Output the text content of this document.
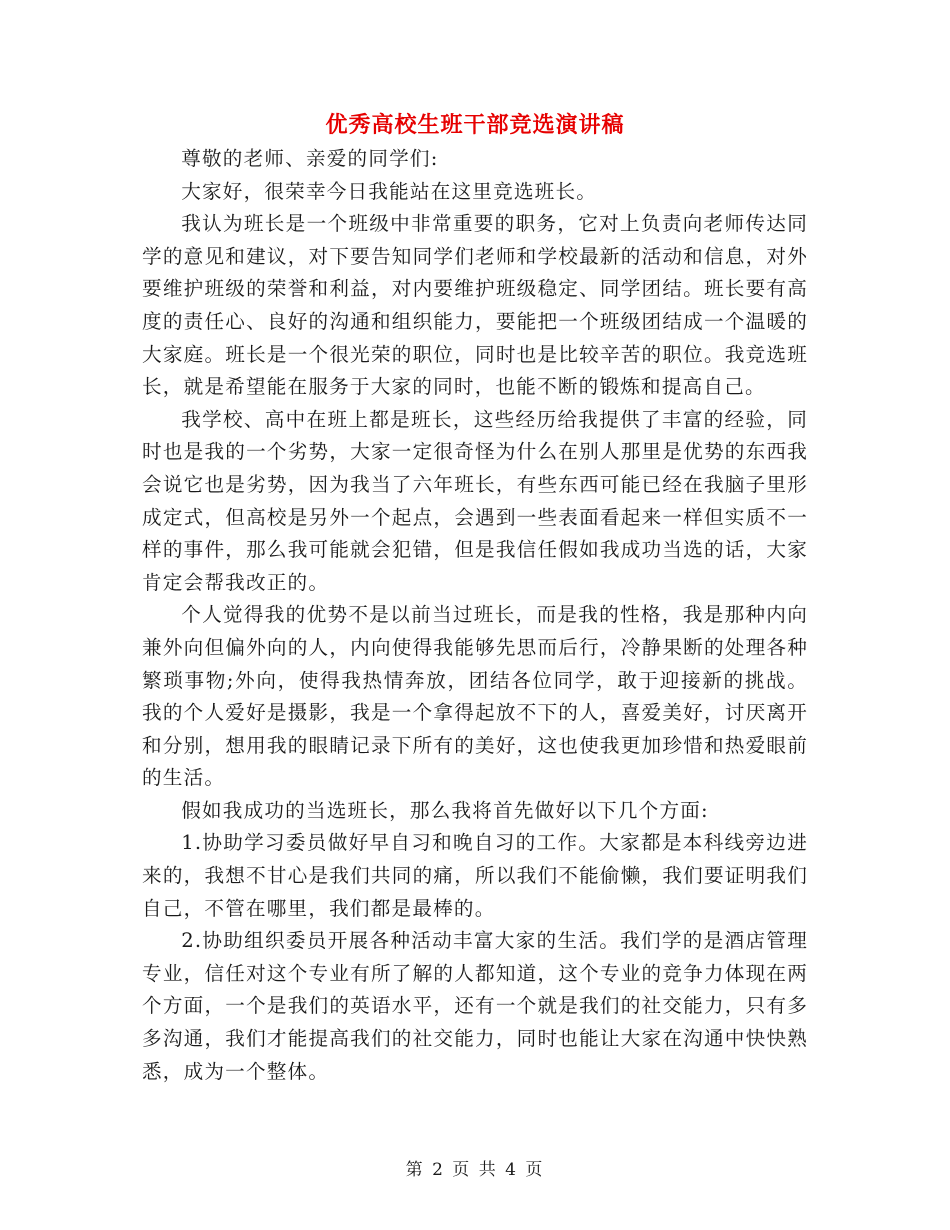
优秀高校生班干部竞选演讲稿

尊敬的老师、亲爱的同学们:

大家好，很荣幸今日我能站在这里竞选班长。

我认为班长是一个班级中非常重要的职务，它对上负责向老师传达同学的意见和建议，对下要告知同学们老师和学校最新的活动和信息，对外要维护班级的荣誉和利益，对内要维护班级稳定、同学团结。班长要有高度的责任心、良好的沟通和组织能力，要能把一个班级团结成一个温暖的大家庭。班长是一个很光荣的职位，同时也是比较辛苦的职位。我竞选班长，就是希望能在服务于大家的同时，也能不断的锻炼和提高自己。

我学校、高中在班上都是班长，这些经历给我提供了丰富的经验，同时也是我的一个劣势，大家一定很奇怪为什么在别人那里是优势的东西我会说它也是劣势，因为我当了六年班长，有些东西可能已经在我脑子里形成定式，但高校是另外一个起点，会遇到一些表面看起来一样但实质不一样的事件，那么我可能就会犯错，但是我信任假如我成功当选的话，大家肯定会帮我改正的。

个人觉得我的优势不是以前当过班长，而是我的性格，我是那种内向兼外向但偏外向的人，内向使得我能够先思而后行，冷静果断的处理各种繁琐事物;外向，使得我热情奔放，团结各位同学，敢于迎接新的挑战。我的个人爱好是摄影，我是一个拿得起放不下的人，喜爱美好，讨厌离开和分别，想用我的眼睛记录下所有的美好，这也使我更加珍惜和热爱眼前的生活。

假如我成功的当选班长，那么我将首先做好以下几个方面:

1.协助学习委员做好早自习和晚自习的工作。大家都是本科线旁边进来的，我想不甘心是我们共同的痛，所以我们不能偷懒，我们要证明我们自己，不管在哪里，我们都是最棒的。

2.协助组织委员开展各种活动丰富大家的生活。我们学的是酒店管理专业，信任对这个专业有所了解的人都知道，这个专业的竞争力体现在两个方面，一个是我们的英语水平，还有一个就是我们的社交能力，只有多多沟通，我们才能提高我们的社交能力，同时也能让大家在沟通中快快熟悉，成为一个整体。

第 2 页 共 4 页
